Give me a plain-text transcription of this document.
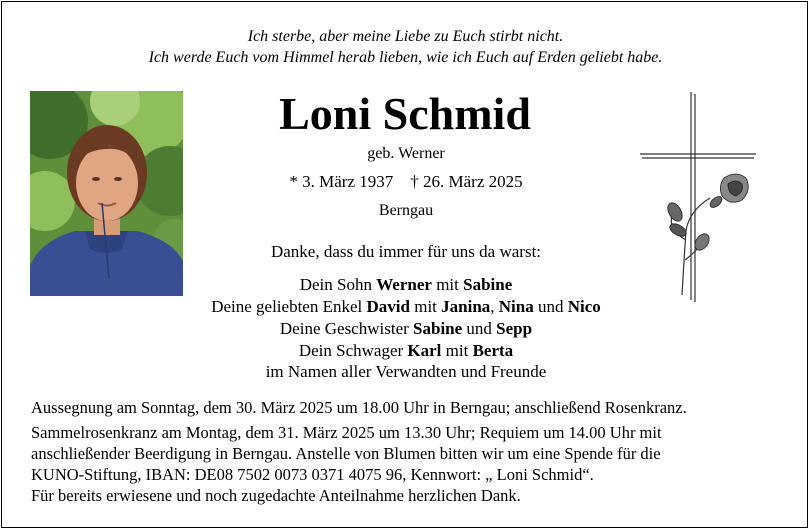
Ich sterbe, aber meine Liebe zu Euch stirbt nicht.
Ich werde Euch vom Himmel herab lieben, wie ich Euch auf Erden geliebt habe.
Loni Schmid
geb. Werner
* 3. März 1937    † 26. März 2025
Berngau
Danke, dass du immer für uns da warst:
Dein Sohn Werner mit Sabine
Deine geliebten Enkel David mit Janina, Nina und Nico
Deine Geschwister Sabine und Sepp
Dein Schwager Karl mit Berta
im Namen aller Verwandten und Freunde
Aussegnung am Sonntag, dem 30. März 2025 um 18.00 Uhr in Berngau; anschließend Rosenkranz.
Sammelrosenkranz am Montag, dem 31. März 2025 um 13.30 Uhr; Requiem um 14.00 Uhr mit
anschließender Beerdigung in Berngau. Anstelle von Blumen bitten wir um eine Spende für die
KUNO-Stiftung, IBAN: DE08 7502 0073 0371 4075 96, Kennwort: „ Loni Schmid“.
Für bereits erwiesene und noch zugedachte Anteilnahme herzlichen Dank.
